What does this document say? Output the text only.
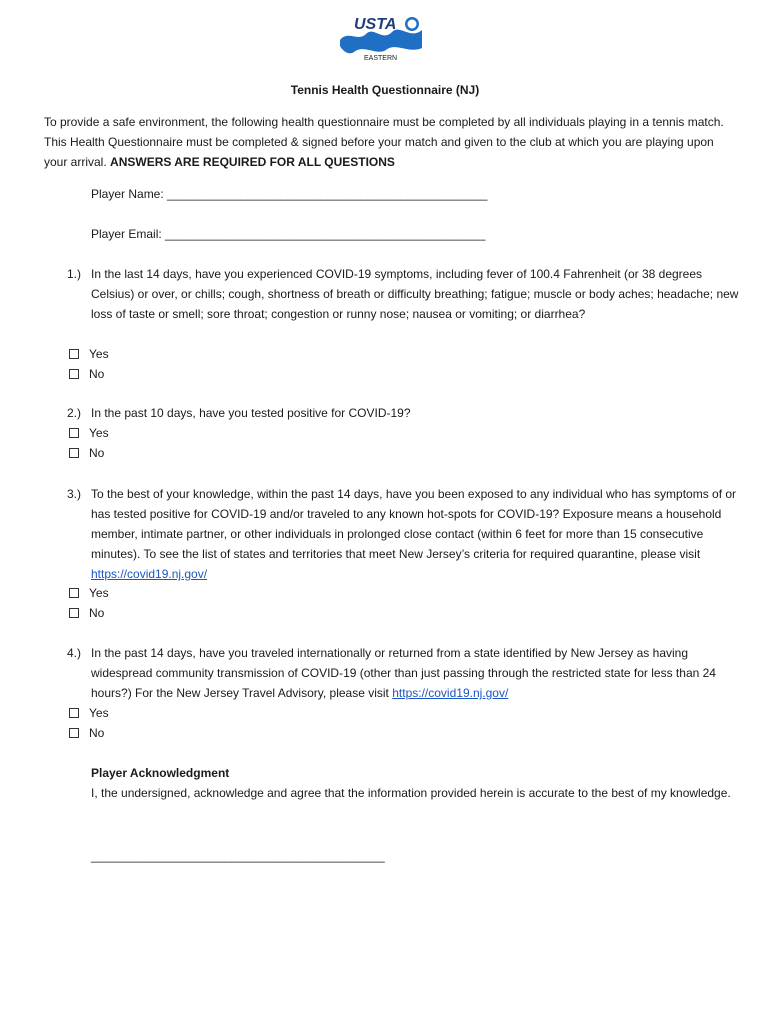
USTA
EASTERN
Tennis Health Questionnaire (NJ)
To provide a safe environment, the following health questionnaire must be completed by all individuals playing in a tennis match. This Health Questionnaire must be completed & signed before your match and given to the club at which you are playing upon your arrival. ANSWERS ARE REQUIRED FOR ALL QUESTIONS
Player Name: ________________________________________________
Player Email: ________________________________________________
1.) In the last 14 days, have you experienced COVID-19 symptoms, including fever of 100.4 Fahrenheit (or 38 degrees Celsius) or over, or chills; cough, shortness of breath or difficulty breathing; fatigue; muscle or body aches; headache; new loss of taste or smell; sore throat; congestion or runny nose; nausea or vomiting; or diarrhea?
Yes
No
2.) In the past 10 days, have you tested positive for COVID-19?
Yes
No
3.) To the best of your knowledge, within the past 14 days, have you been exposed to any individual who has symptoms of or has tested positive for COVID-19 and/or traveled to any known hot-spots for COVID-19? Exposure means a household member, intimate partner, or other individuals in prolonged close contact (within 6 feet for more than 15 consecutive minutes). To see the list of states and territories that meet New Jersey’s criteria for required quarantine, please visit https://covid19.nj.gov/
Yes
No
4.) In the past 14 days, have you traveled internationally or returned from a state identified by New Jersey as having widespread community transmission of COVID-19 (other than just passing through the restricted state for less than 24 hours?) For the New Jersey Travel Advisory, please visit https://covid19.nj.gov/
Yes
No
Player Acknowledgment
I, the undersigned, acknowledge and agree that the information provided herein is accurate to the best of my knowledge.
____________________________________________
